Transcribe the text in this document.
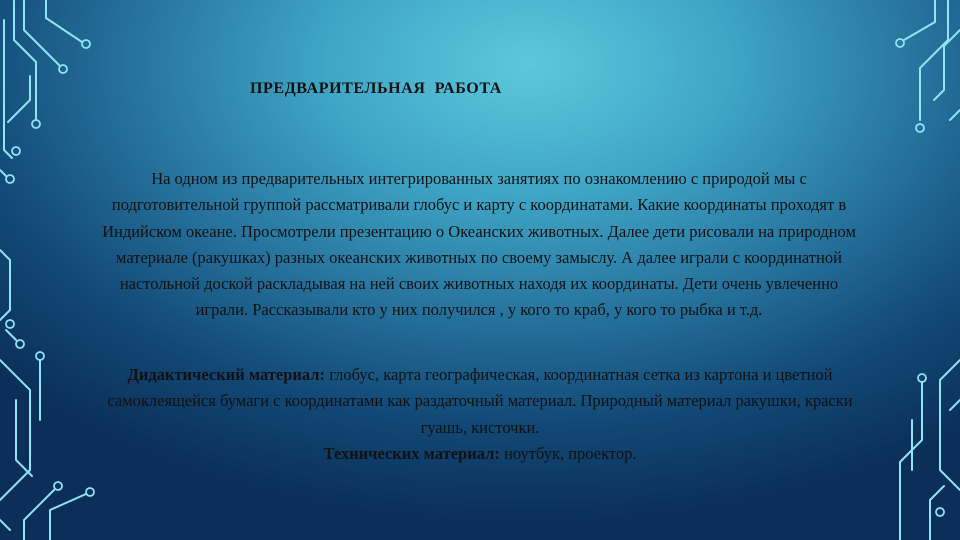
ПРЕДВАРИТЕЛЬНАЯ  РАБОТА
На одном из предварительных интегрированных занятиях по ознакомлению с природой мы с подготовительной группой рассматривали глобус и карту с координатами. Какие координаты проходят в Индийском океане. Просмотрели презентацию о Океанских животных. Далее дети рисовали на природном материале (ракушках) разных океанских животных по своему замыслу. А далее играли с координатной настольной доской раскладывая на ней своих животных находя их координаты. Дети очень увлеченно играли. Рассказывали кто у них получился , у кого то краб, у кого то рыбка и т.д.
Дидактический материал: глобус, карта географическая, координатная сетка из картона и цветной самоклеящейся бумаги с координатами как раздаточный материал. Природный материал ракушки, краски гуашь, кисточки.
Технических материал: ноутбук, проектор.
